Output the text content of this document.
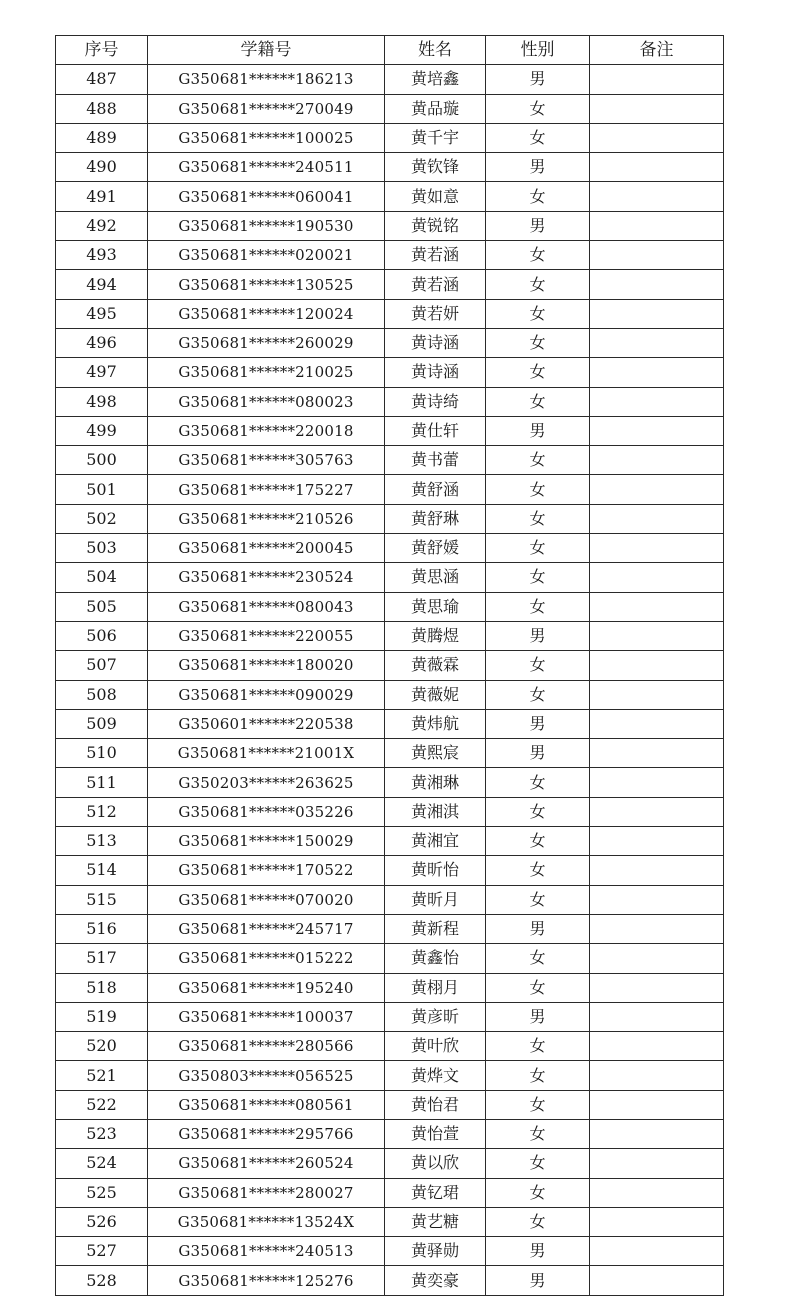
序号	学籍号	姓名	性别	备注
487	G350681******186213	黄培鑫	男	
488	G350681******270049	黄品璇	女	
489	G350681******100025	黄千宇	女	
490	G350681******240511	黄钦锋	男	
491	G350681******060041	黄如意	女	
492	G350681******190530	黄锐铭	男	
493	G350681******020021	黄若涵	女	
494	G350681******130525	黄若涵	女	
495	G350681******120024	黄若妍	女	
496	G350681******260029	黄诗涵	女	
497	G350681******210025	黄诗涵	女	
498	G350681******080023	黄诗绮	女	
499	G350681******220018	黄仕轩	男	
500	G350681******305763	黄书蕾	女	
501	G350681******175227	黄舒涵	女	
502	G350681******210526	黄舒琳	女	
503	G350681******200045	黄舒媛	女	
504	G350681******230524	黄思涵	女	
505	G350681******080043	黄思瑜	女	
506	G350681******220055	黄腾煜	男	
507	G350681******180020	黄薇霖	女	
508	G350681******090029	黄薇妮	女	
509	G350601******220538	黄炜航	男	
510	G350681******21001X	黄熙宸	男	
511	G350203******263625	黄湘琳	女	
512	G350681******035226	黄湘淇	女	
513	G350681******150029	黄湘宜	女	
514	G350681******170522	黄昕怡	女	
515	G350681******070020	黄昕月	女	
516	G350681******245717	黄新程	男	
517	G350681******015222	黄鑫怡	女	
518	G350681******195240	黄栩月	女	
519	G350681******100037	黄彦昕	男	
520	G350681******280566	黄叶欣	女	
521	G350803******056525	黄烨文	女	
522	G350681******080561	黄怡君	女	
523	G350681******295766	黄怡萱	女	
524	G350681******260524	黄以欣	女	
525	G350681******280027	黄钇珺	女	
526	G350681******13524X	黄艺糖	女	
527	G350681******240513	黄驿勋	男	
528	G350681******125276	黄奕豪	男	
